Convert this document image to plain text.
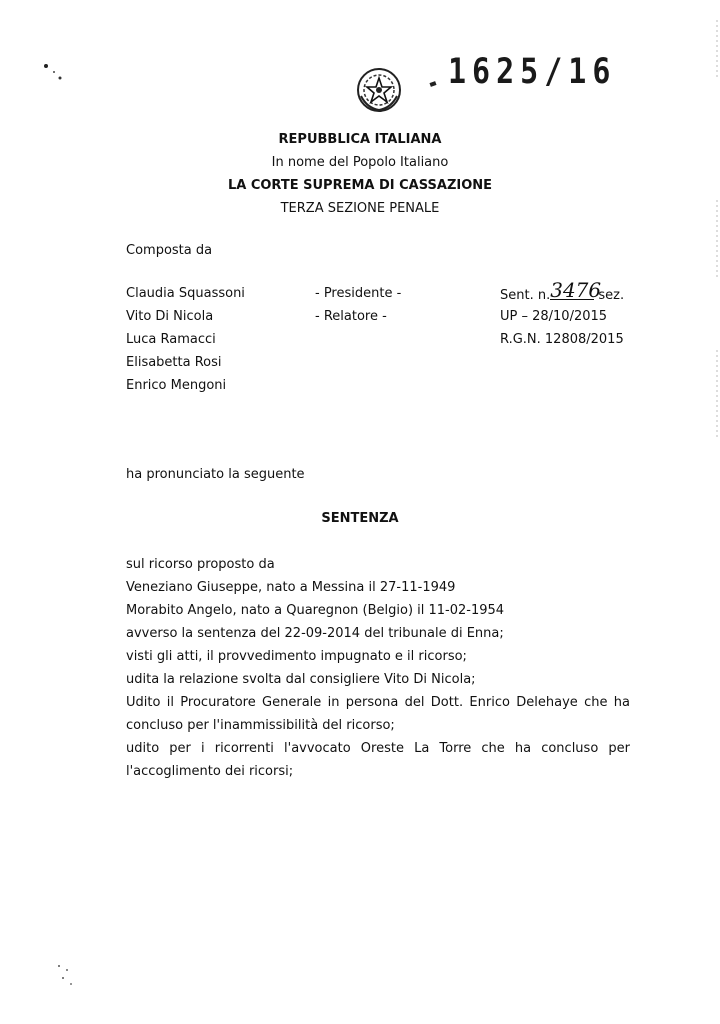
1625/16
REPUBBLICA ITALIANA
In nome del Popolo Italiano
LA CORTE SUPREMA DI CASSAZIONE
TERZA SEZIONE PENALE
Composta da
Claudia Squassoni
Vito Di Nicola
Luca Ramacci
Elisabetta Rosi
Enrico Mengoni
- Presidente -
- Relatore -
Sent. n.3476 sez.
UP – 28/10/2015
R.G.N. 12808/2015
ha pronunciato la seguente
SENTENZA
sul ricorso proposto da
Veneziano Giuseppe, nato a Messina il 27-11-1949
Morabito Angelo, nato a Quaregnon (Belgio) il 11-02-1954
avverso la sentenza del 22-09-2014 del tribunale di Enna;
visti gli atti, il provvedimento impugnato e il ricorso;
udita la relazione svolta dal consigliere Vito Di Nicola;
Udito il Procuratore Generale in persona del Dott. Enrico Delehaye che ha
concluso per l'inammissibilità del ricorso;
udito per i ricorrenti l'avvocato Oreste La Torre che ha concluso per
l'accoglimento dei ricorsi;
